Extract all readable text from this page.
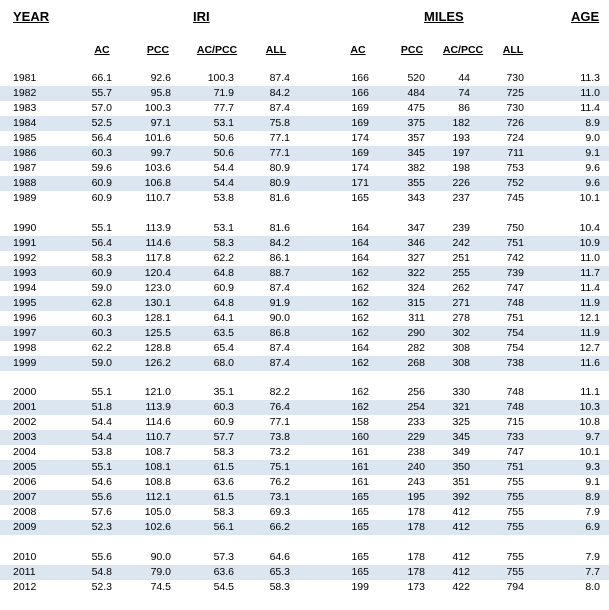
YEAR	IRI	MILES	AGE
AC	PCC	AC/PCC	ALL	AC	PCC	AC/PCC	ALL
1981	66.1	92.6	100.3	87.4	166	520	44	730	11.3
1982	55.7	95.8	71.9	84.2	166	484	74	725	11.0
1983	57.0	100.3	77.7	87.4	169	475	86	730	11.4
1984	52.5	97.1	53.1	75.8	169	375	182	726	8.9
1985	56.4	101.6	50.6	77.1	174	357	193	724	9.0
1986	60.3	99.7	50.6	77.1	169	345	197	711	9.1
1987	59.6	103.6	54.4	80.9	174	382	198	753	9.6
1988	60.9	106.8	54.4	80.9	171	355	226	752	9.6
1989	60.9	110.7	53.8	81.6	165	343	237	745	10.1
1990	55.1	113.9	53.1	81.6	164	347	239	750	10.4
1991	56.4	114.6	58.3	84.2	164	346	242	751	10.9
1992	58.3	117.8	62.2	86.1	164	327	251	742	11.0
1993	60.9	120.4	64.8	88.7	162	322	255	739	11.7
1994	59.0	123.0	60.9	87.4	162	324	262	747	11.4
1995	62.8	130.1	64.8	91.9	162	315	271	748	11.9
1996	60.3	128.1	64.1	90.0	162	311	278	751	12.1
1997	60.3	125.5	63.5	86.8	162	290	302	754	11.9
1998	62.2	128.8	65.4	87.4	164	282	308	754	12.7
1999	59.0	126.2	68.0	87.4	162	268	308	738	11.6
2000	55.1	121.0	35.1	82.2	162	256	330	748	11.1
2001	51.8	113.9	60.3	76.4	162	254	321	748	10.3
2002	54.4	114.6	60.9	77.1	158	233	325	715	10.8
2003	54.4	110.7	57.7	73.8	160	229	345	733	9.7
2004	53.8	108.7	58.3	73.2	161	238	349	747	10.1
2005	55.1	108.1	61.5	75.1	161	240	350	751	9.3
2006	54.6	108.8	63.6	76.2	161	243	351	755	9.1
2007	55.6	112.1	61.5	73.1	165	195	392	755	8.9
2008	57.6	105.0	58.3	69.3	165	178	412	755	7.9
2009	52.3	102.6	56.1	66.2	165	178	412	755	6.9
2010	55.6	90.0	57.3	64.6	165	178	412	755	7.9
2011	54.8	79.0	63.6	65.3	165	178	412	755	7.7
2012	52.3	74.5	54.5	58.3	199	173	422	794	8.0
